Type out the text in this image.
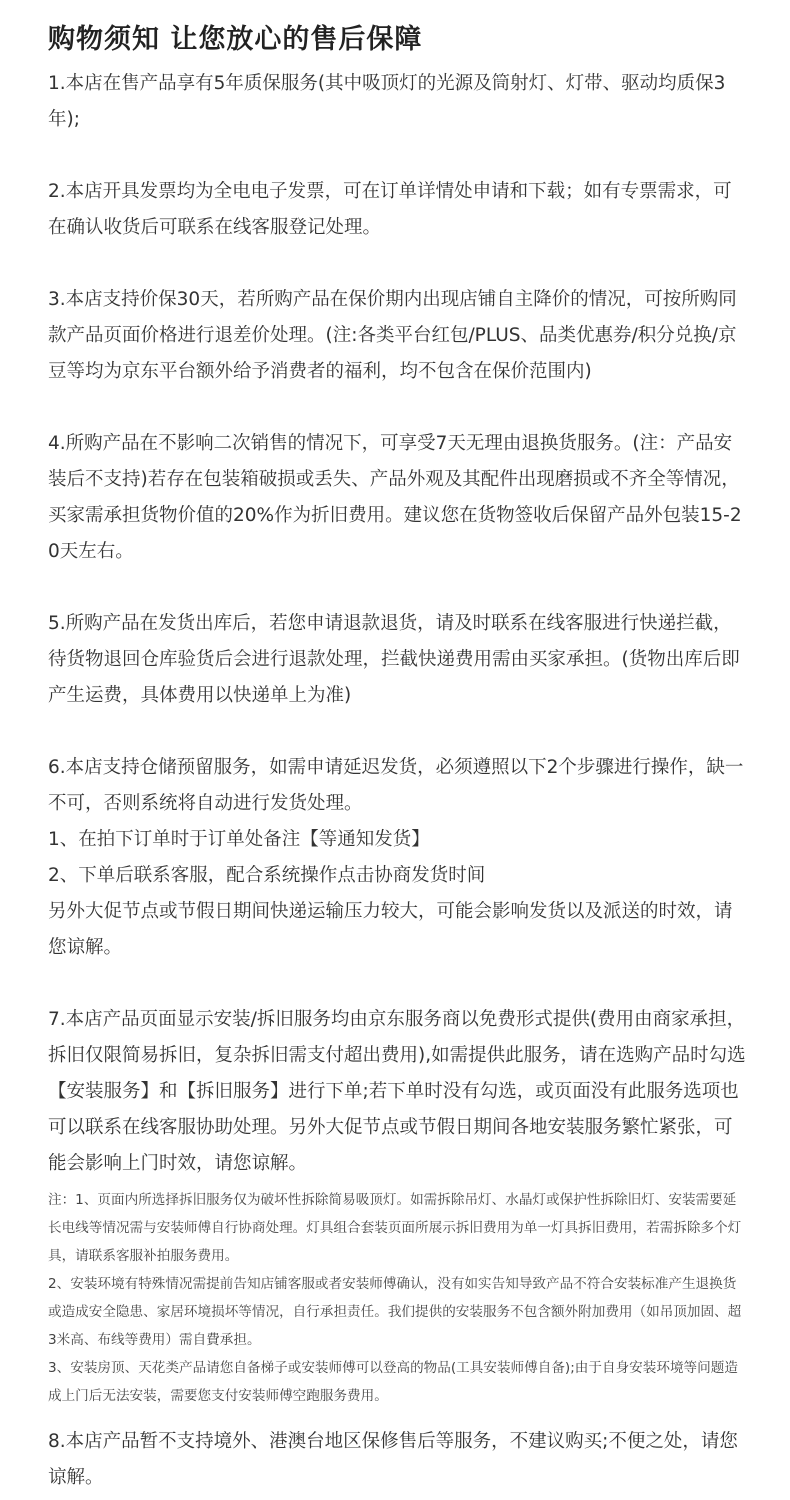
购物须知 让您放心的售后保障

1.本店在售产品享有5年质保服务(其中吸顶灯的光源及筒射灯、灯带、驱动均质保3年);

2.本店开具发票均为全电电子发票，可在订单详情处申请和下载；如有专票需求，可在确认收货后可联系在线客服登记处理。

3.本店支持价保30天，若所购产品在保价期内出现店铺自主降价的情况，可按所购同款产品页面价格进行退差价处理。(注:各类平台红包/PLUS、品类优惠券/积分兑换/京豆等均为京东平台额外给予消费者的福利，均不包含在保价范围内)

4.所购产品在不影响二次销售的情况下，可享受7天无理由退换货服务。(注：产品安装后不支持)若存在包装箱破损或丢失、产品外观及其配件出现磨损或不齐全等情况，买家需承担货物价值的20%作为折旧费用。建议您在货物签收后保留产品外包装15-20天左右。

5.所购产品在发货出库后，若您申请退款退货，请及时联系在线客服进行快递拦截，待货物退回仓库验货后会进行退款处理，拦截快递费用需由买家承担。(货物出库后即产生运费，具体费用以快递单上为准)

6.本店支持仓储预留服务，如需申请延迟发货，必须遵照以下2个步骤进行操作，缺一不可，否则系统将自动进行发货处理。

1、在拍下订单时于订单处备注【等通知发货】

2、下单后联系客服，配合系统操作点击协商发货时间

另外大促节点或节假日期间快递运输压力较大，可能会影响发货以及派送的时效，请您谅解。

7.本店产品页面显示安装/拆旧服务均由京东服务商以免费形式提供(费用由商家承担，拆旧仅限简易拆旧，复杂拆旧需支付超出费用),如需提供此服务，请在选购产品时勾选【安装服务】和【拆旧服务】进行下单;若下单时没有勾选，或页面没有此服务选项也可以联系在线客服协助处理。另外大促节点或节假日期间各地安装服务繁忙紧张，可能会影响上门时效，请您谅解。

注：1、页面内所选择拆旧服务仅为破坏性拆除简易吸顶灯。如需拆除吊灯、水晶灯或保护性拆除旧灯、安装需要延长电线等情况需与安装师傅自行协商处理。灯具组合套装页面所展示拆旧费用为单一灯具拆旧费用，若需拆除多个灯具，请联系客服补拍服务费用。
2、安装环境有特殊情况需提前告知店铺客服或者安装师傅确认，没有如实告知导致产品不符合安装标准产生退换货或造成安全隐患、家居环境损坏等情况，自行承担责任。我们提供的安装服务不包含额外附加费用（如吊顶加固、超3米高、布线等费用）需自費承担。
3、安装房顶、天花类产品请您自备梯子或安装师傅可以登高的物品(工具安装师傅自备);由于自身安装环境等问题造成上门后无法安装，需要您支付安装师傅空跑服务费用。

8.本店产品暂不支持境外、港澳台地区保修售后等服务，不建议购买;不便之处，请您谅解。
